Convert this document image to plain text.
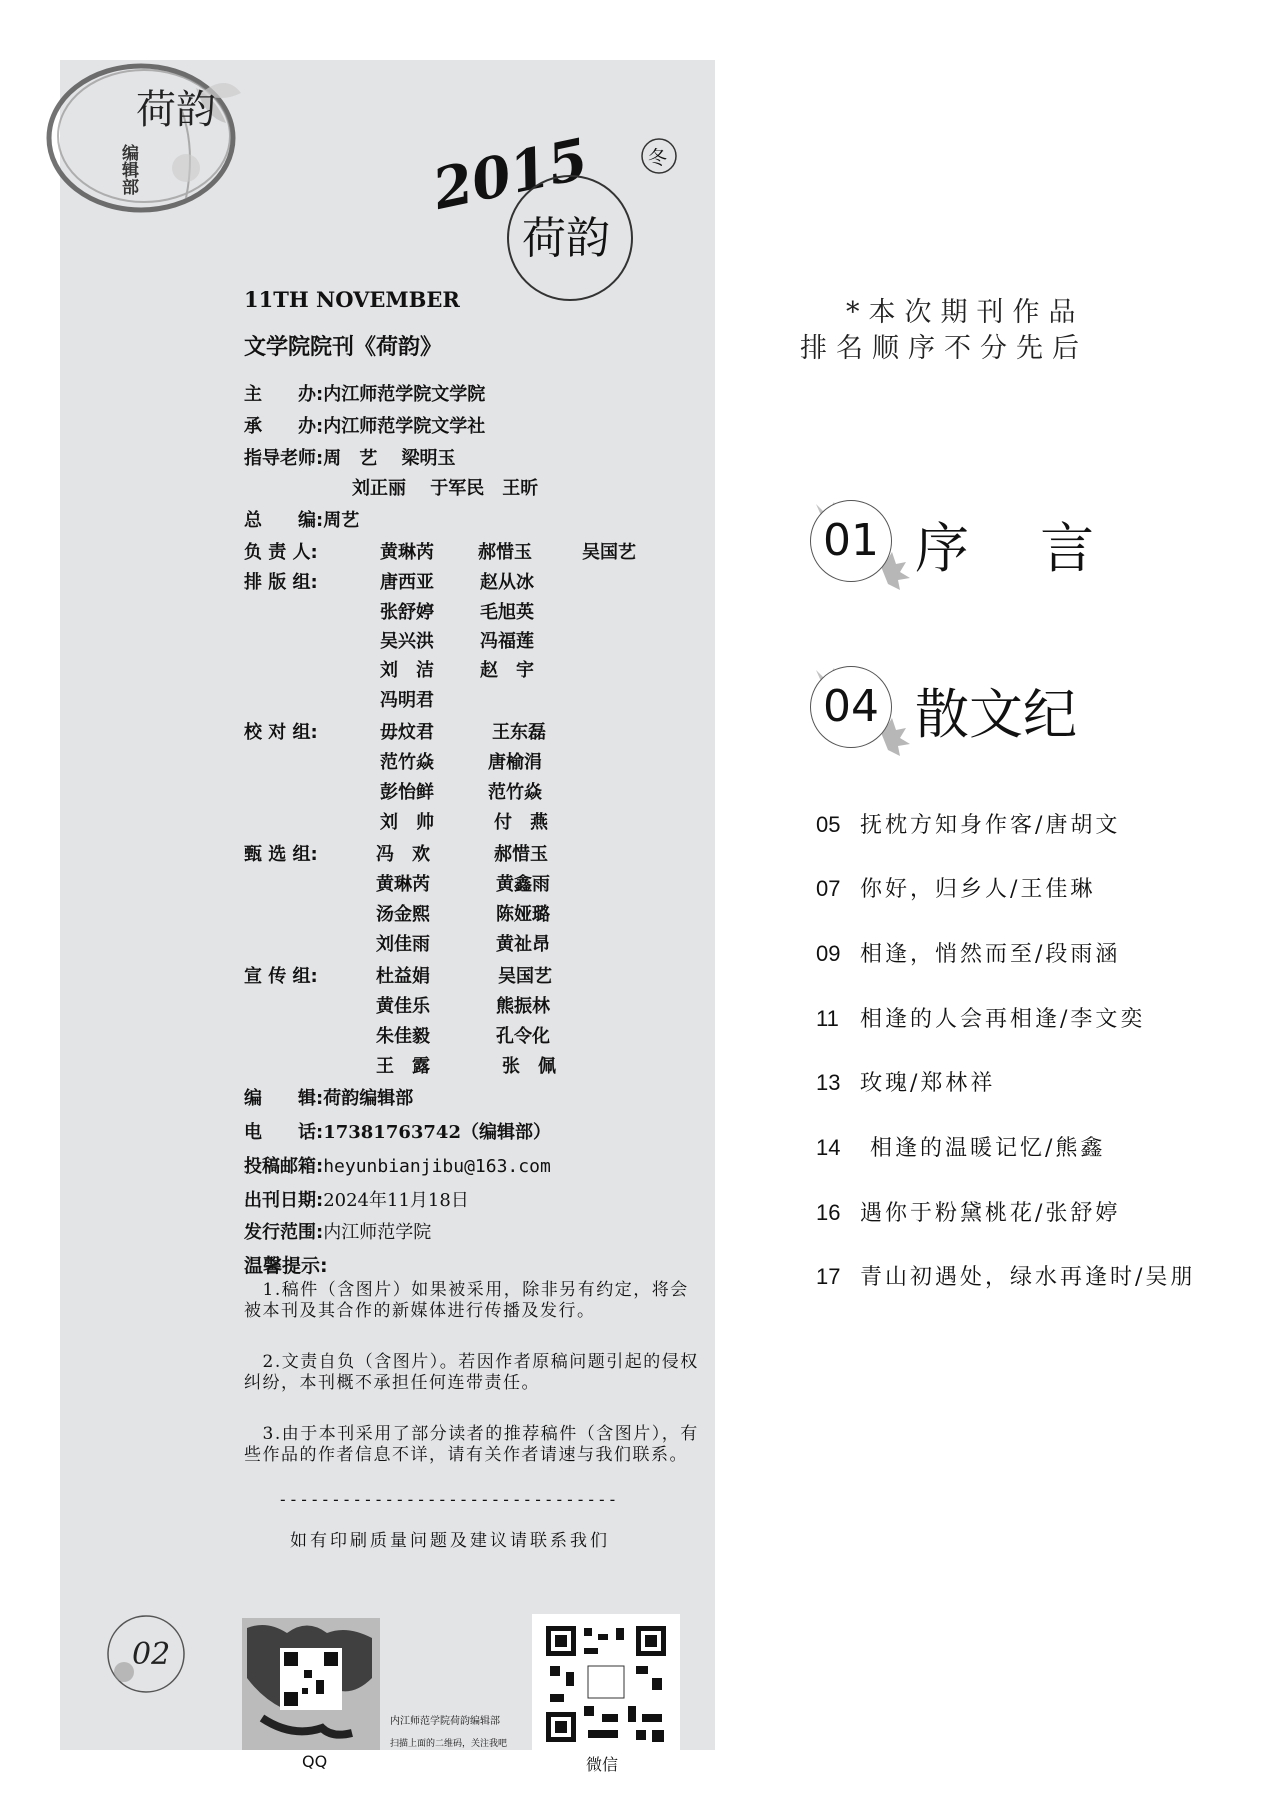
荷韵
编辑部	2015
荷韵
冬
11TH NOVEMBER
文学院院刊《荷韵》
主　　办:内江师范学院文学院
承　　办:内江师范学院文学社
指导老师:周　艺　 梁明玉
刘正丽　 于军民　王昕
总　　编:周艺
负 责 人:	黄琳芮 郝惜玉	吴国艺
排 版 组:	唐西亚	赵从冰
张舒婷	毛旭英
吴兴洪	冯福莲
刘　洁	赵　宇
冯明君
校 对 组:	毋炆君	王东磊
范竹焱	唐榆涓
彭怡鲜	范竹焱
刘　帅	付　燕
甄 选 组:	冯　欢	郝惜玉
黄琳芮	黄鑫雨
汤金熙	陈娅璐
刘佳雨	黄祉昂
宣 传 组:	杜益娟	吴国艺
黄佳乐	熊振林
朱佳毅	孔令化
王　露	张　佩
编　　辑:荷韵编辑部
电　　话:17381763742（编辑部）
投稿邮箱:heyunbianjibu@163.com
出刊日期:2024年11月18日
发行范围:内江师范学院
温馨提示:
　1.稿件（含图片）如果被采用，除非另有约定，将会被本刊及其合作的新媒体进行传播及发行。
　2.文责自负（含图片）。若因作者原稿问题引起的侵权纠纷，本刊概不承担任何连带责任。
　3.由于本刊采用了部分读者的推荐稿件（含图片），有些作品的作者信息不详，请有关作者请速与我们联系。
--------------------------------
如有印刷质量问题及建议请联系我们
02
内江师范学院荷韵编辑部
扫描上面的二维码，关注我吧
QQ	微信
*本次期刊作品
排名顺序不分先后
01 序　 言
04 散文纪
05 抚枕方知身作客/唐胡文
07 你好，归乡人/王佳琳
09 相逢，悄然而至/段雨涵
11 相逢的人会再相逢/李文奕
13 玫瑰/郑林祥
14 相逢的温暖记忆/熊鑫
16 遇你于粉黛桃花/张舒婷
17 青山初遇处，绿水再逢时/吴朋
